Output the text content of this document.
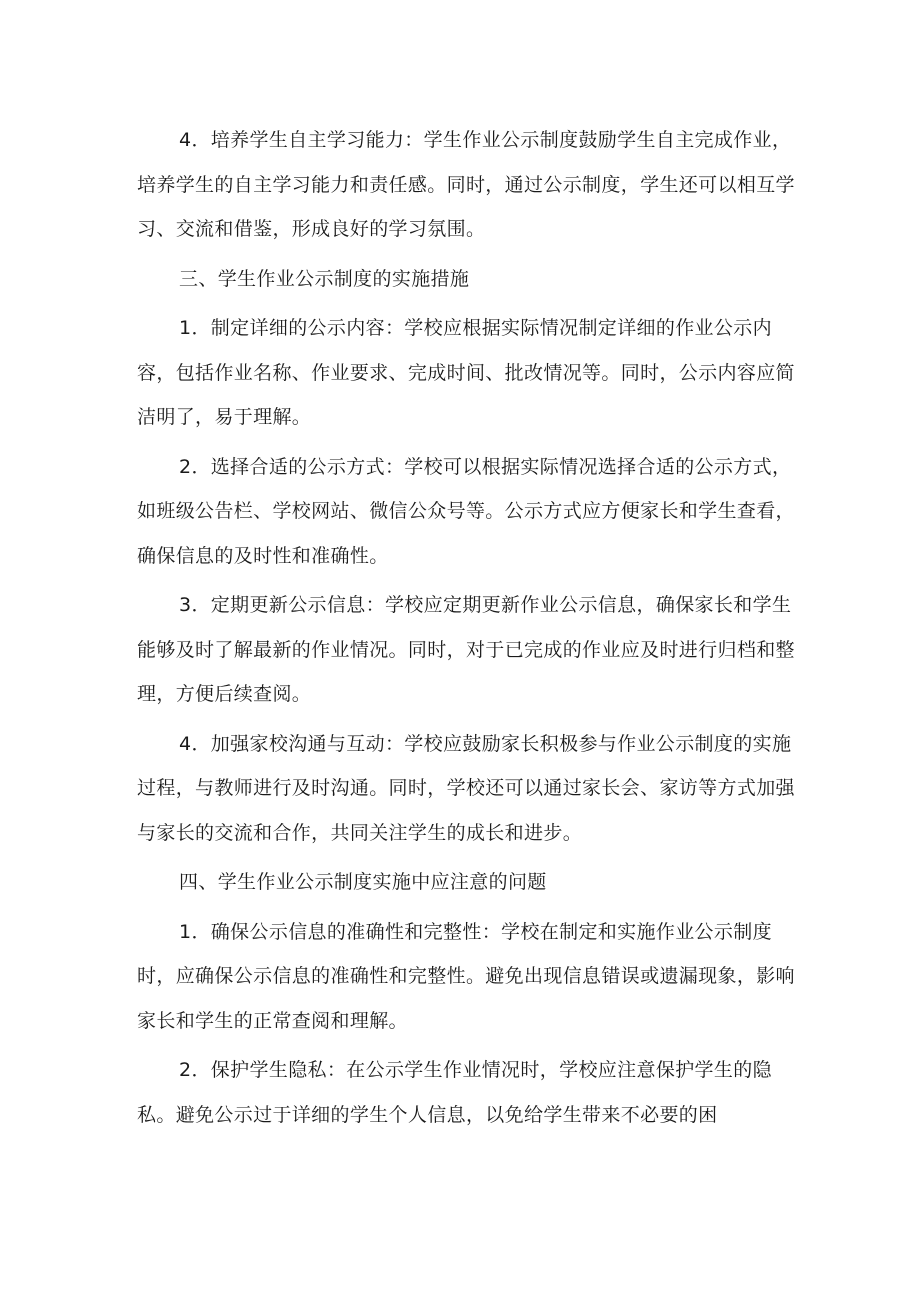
4．培养学生自主学习能力：学生作业公示制度鼓励学生自主完成作业，培养学生的自主学习能力和责任感。同时，通过公示制度，学生还可以相互学习、交流和借鉴，形成良好的学习氛围。

三、学生作业公示制度的实施措施

1．制定详细的公示内容：学校应根据实际情况制定详细的作业公示内容，包括作业名称、作业要求、完成时间、批改情况等。同时，公示内容应简洁明了，易于理解。

2．选择合适的公示方式：学校可以根据实际情况选择合适的公示方式，如班级公告栏、学校网站、微信公众号等。公示方式应方便家长和学生查看，确保信息的及时性和准确性。

3．定期更新公示信息：学校应定期更新作业公示信息，确保家长和学生能够及时了解最新的作业情况。同时，对于已完成的作业应及时进行归档和整理，方便后续查阅。

4．加强家校沟通与互动：学校应鼓励家长积极参与作业公示制度的实施过程，与教师进行及时沟通。同时，学校还可以通过家长会、家访等方式加强与家长的交流和合作，共同关注学生的成长和进步。

四、学生作业公示制度实施中应注意的问题

1．确保公示信息的准确性和完整性：学校在制定和实施作业公示制度时，应确保公示信息的准确性和完整性。避免出现信息错误或遗漏现象，影响家长和学生的正常查阅和理解。

2．保护学生隐私：在公示学生作业情况时，学校应注意保护学生的隐私。避免公示过于详细的学生个人信息，以免给学生带来不必要的困
